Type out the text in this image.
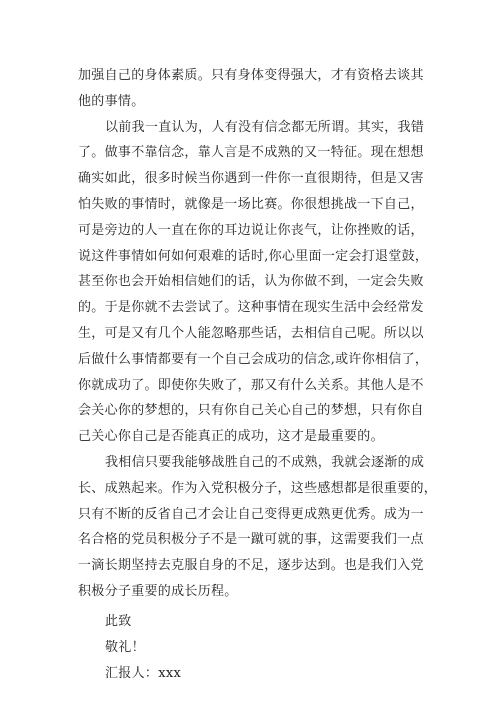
加强自己的身体素质。只有身体变得强大，才有资格去谈其
他的事情。
以前我一直认为，人有没有信念都无所谓。其实，我错
了。做事不靠信念，靠人言是不成熟的又一特征。现在想想
确实如此，很多时候当你遇到一件你一直很期待，但是又害
怕失败的事情时，就像是一场比赛。你很想挑战一下自己，
可是旁边的人一直在你的耳边说让你丧气，让你挫败的话，
说这件事情如何如何艰难的话时,你心里面一定会打退堂鼓，
甚至你也会开始相信她们的话，认为你做不到，一定会失败
的。于是你就不去尝试了。这种事情在现实生活中会经常发
生，可是又有几个人能忽略那些话，去相信自己呢。所以以
后做什么事情都要有一个自己会成功的信念,或许你相信了，
你就成功了。即使你失败了，那又有什么关系。其他人是不
会关心你的梦想的，只有你自己关心自己的梦想，只有你自
己关心你自己是否能真正的成功，这才是最重要的。
我相信只要我能够战胜自己的不成熟，我就会逐渐的成
长、成熟起来。作为入党积极分子，这些感想都是很重要的，
只有不断的反省自己才会让自己变得更成熟更优秀。成为一
名合格的党员积极分子不是一蹴可就的事，这需要我们一点
一滴长期坚持去克服自身的不足，逐步达到。也是我们入党
积极分子重要的成长历程。
此致
敬礼！
汇报人：xxx
